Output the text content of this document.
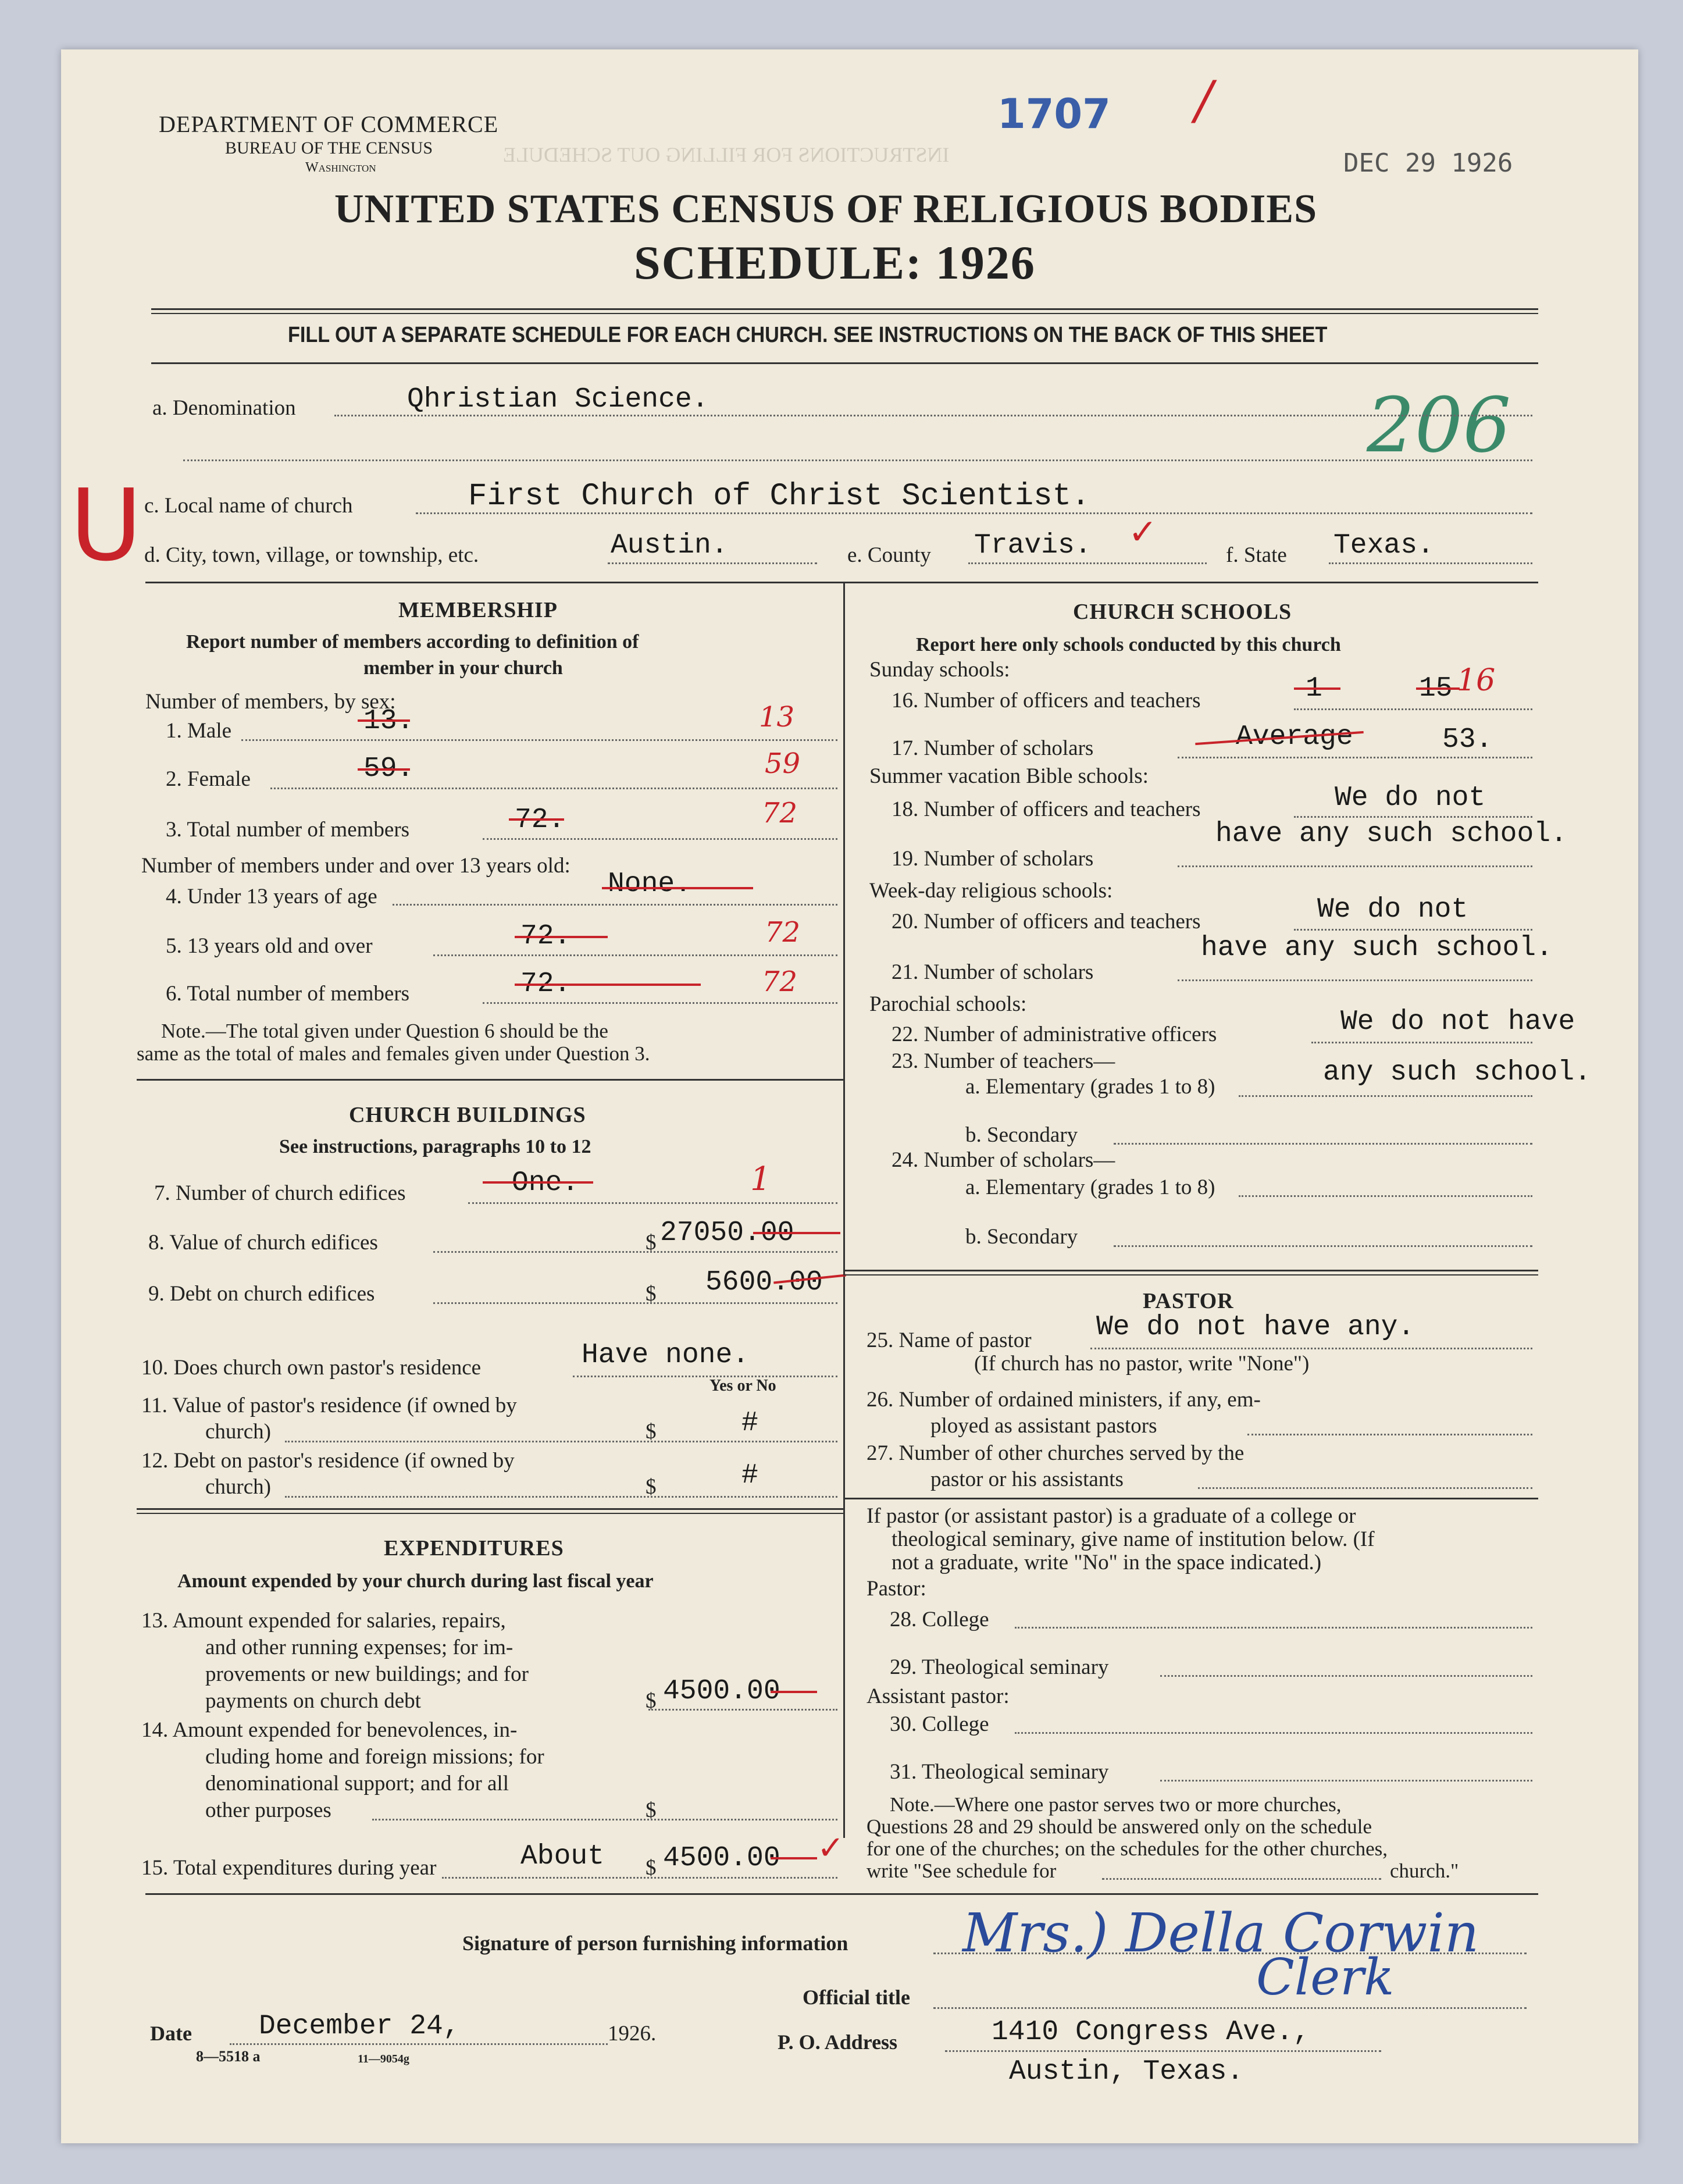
INSTRUCTIONS FOR FILLING OUT SCHEDULE
DEPARTMENT OF COMMERCE
BUREAU OF THE CENSUS
Washington
1707 /
DEC 29 1926
UNITED STATES CENSUS OF RELIGIOUS BODIES
SCHEDULE: 1926
FILL OUT A SEPARATE SCHEDULE FOR EACH CHURCH. SEE INSTRUCTIONS ON THE BACK OF THIS SHEET
206
a. Denomination	Qhristian Science.
U c. Local name of church	First Church of Christ Scientist.
d. City, town, village, or township, etc.	Austin.	e. County Travis. ✓
f. State Texas.
MEMBERSHIP
Report number of members according to definition of
member in your church
Number of members, by sex:
1. Male	13.	13
2. Female	59.	59
3. Total number of members	72.	72
Number of members under and over 13 years old:
4. Under 13 years of age	None.
5. 13 years old and over	72.	72
6. Total number of members	72.	72
Note.—The total given under Question 6 should be the
same as the total of males and females given under Question 3.
CHURCH BUILDINGS
See instructions, paragraphs 10 to 12
7. Number of church edifices	One.	1
8. Value of church edifices	$ 27050.00
9. Debt on church edifices	$ 5600.00
10. Does church own pastor's residence	Have none.
Yes or No
11. Value of pastor's residence (if owned by
church)	$	#
12. Debt on pastor's residence (if owned by
church)	$	#
EXPENDITURES
Amount expended by your church during last fiscal year
13. Amount expended for salaries, repairs,
and other running expenses; for im-
provements or new buildings; and for
payments on church debt	$ 4500.00
14. Amount expended for benevolences, in-
cluding home and foreign missions; for
denominational support; and for all
other purposes	$
15. Total expenditures during year	About $ 4500.00 ✓
CHURCH SCHOOLS
Report here only schools conducted by this church
Sunday schools:
16. Number of officers and teachers	1	15 16
17. Number of scholars	Average	53.
Summer vacation Bible schools:
18. Number of officers and teachers	We do not
have any such school.
19. Number of scholars
Week-day religious schools:
20. Number of officers and teachers	We do not
have any such school.
21. Number of scholars
Parochial schools:
22. Number of administrative officers	We do not have
23. Number of teachers—	any such school.
a. Elementary (grades 1 to 8)
b. Secondary
24. Number of scholars—
a. Elementary (grades 1 to 8)
b. Secondary
PASTOR
25. Name of pastor We do not have any.
(If church has no pastor, write "None")
26. Number of ordained ministers, if any, em-
ployed as assistant pastors
27. Number of other churches served by the
pastor or his assistants
If pastor (or assistant pastor) is a graduate of a college or
theological seminary, give name of institution below. (If
not a graduate, write "No" in the space indicated.)
Pastor:
28. College
29. Theological seminary
Assistant pastor:
30. College
31. Theological seminary
Note.—Where one pastor serves two or more churches,
Questions 28 and 29 should be answered only on the schedule
for one of the churches; on the schedules for the other churches,
write "See schedule for	church."
Signature of person furnishing information Mrs.) Della Corwin
Official title	Clerk
Date December 24,	1926.
8—5518 a	11—9054g
P. O. Address	1410 Congress Ave.,
Austin, Texas.
